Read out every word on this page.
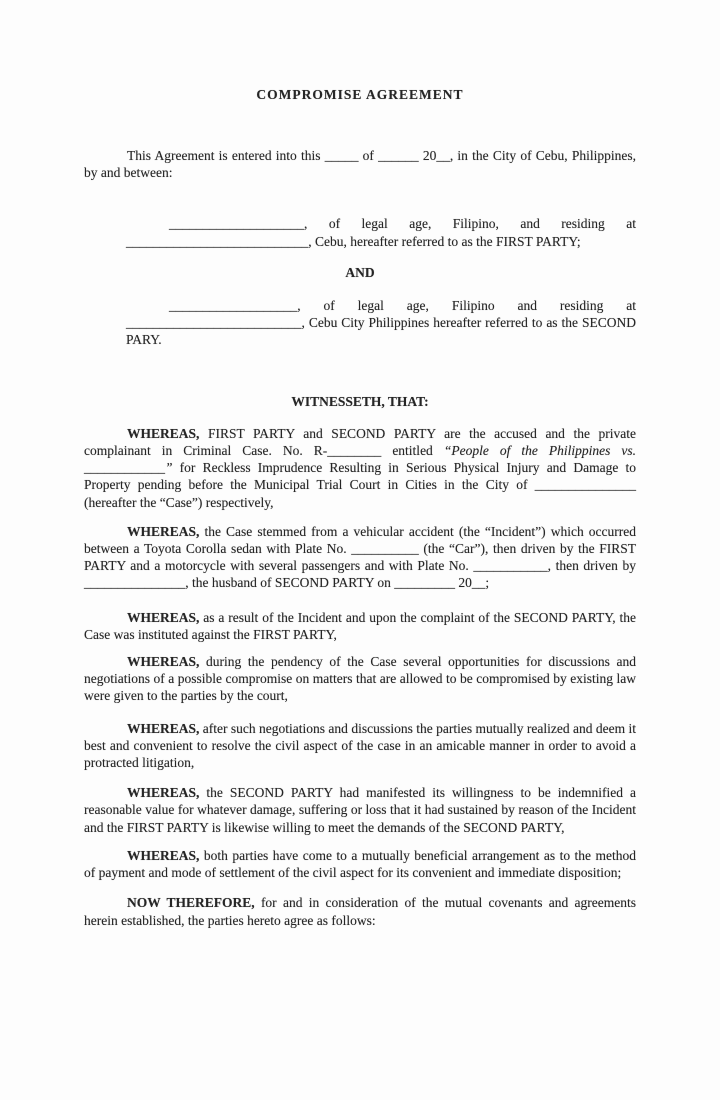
COMPROMISE AGREEMENT

This Agreement is entered into this _____ of ______ 20__, in the City of Cebu, Philippines, by and between:

____________________, of legal age, Filipino, and residing at ___________________________, Cebu, hereafter referred to as the FIRST PARTY;

AND

___________________, of legal age, Filipino and residing at __________________________, Cebu City Philippines hereafter referred to as the SECOND PARY.

WITNESSETH, THAT:

WHEREAS, FIRST PARTY and SECOND PARTY are the accused and the private complainant in Criminal Case. No. R-________ entitled “People of the Philippines vs. ____________” for Reckless Imprudence Resulting in Serious Physical Injury and Damage to Property pending before the Municipal Trial Court in Cities in the City of _______________ (hereafter the “Case”) respectively,

WHEREAS, the Case stemmed from a vehicular accident (the “Incident”) which occurred between a Toyota Corolla sedan with Plate No. __________ (the “Car”), then driven by the FIRST PARTY and a motorcycle with several passengers and with Plate No. ___________, then driven by _______________, the husband of SECOND PARTY on _________ 20__;

WHEREAS, as a result of the Incident and upon the complaint of the SECOND PARTY, the Case was instituted against the FIRST PARTY,

WHEREAS, during the pendency of the Case several opportunities for discussions and negotiations of a possible compromise on matters that are allowed to be compromised by existing law were given to the parties by the court,

WHEREAS, after such negotiations and discussions the parties mutually realized and deem it best and convenient to resolve the civil aspect of the case in an amicable manner in order to avoid a protracted litigation,

WHEREAS, the SECOND PARTY had manifested its willingness to be indemnified a reasonable value for whatever damage, suffering or loss that it had sustained by reason of the Incident and the FIRST PARTY is likewise willing to meet the demands of the SECOND PARTY,

WHEREAS, both parties have come to a mutually beneficial arrangement as to the method of payment and mode of settlement of the civil aspect for its convenient and immediate disposition;

NOW THEREFORE, for and in consideration of the mutual covenants and agreements herein established, the parties hereto agree as follows:
